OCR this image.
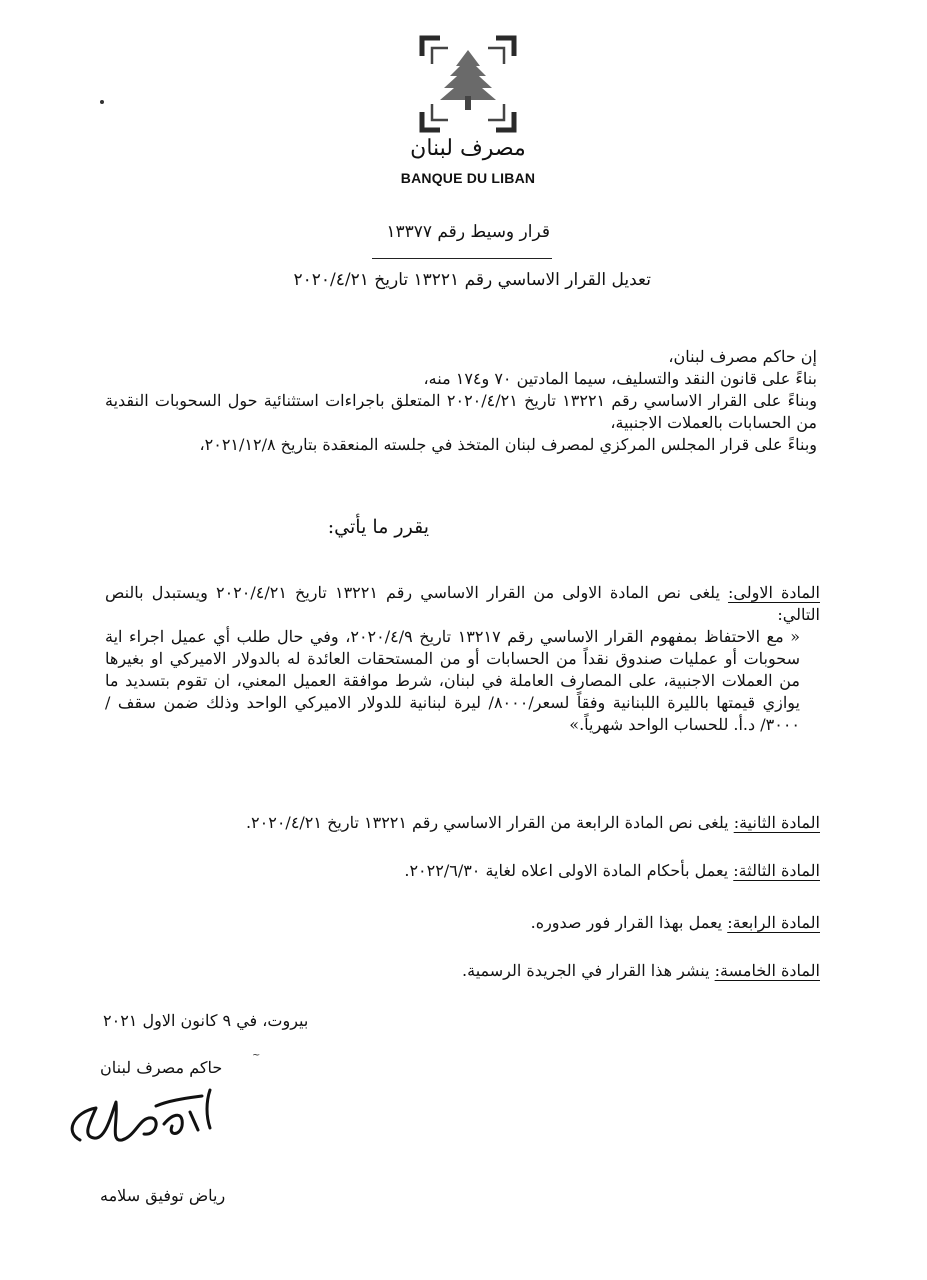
مصرف لبنان
BANQUE DU LIBAN
قرار وسيط رقم ١٣٣٧٧
تعديل القرار الاساسي رقم ١٣٢٢١ تاريخ ٢٠٢٠/٤/٢١

إن حاكم مصرف لبنان،

بناءً على قانون النقد والتسليف، سيما المادتين ٧٠ و١٧٤ منه،

وبناءً على القرار الاساسي رقم ١٣٢٢١ تاريخ ٢٠٢٠/٤/٢١ المتعلق باجراءات استثنائية حول السحوبات النقدية من الحسابات بالعملات الاجنبية،

وبناءً على قرار المجلس المركزي لمصرف لبنان المتخذ في جلسته المنعقدة بتاريخ ٢٠٢١/١٢/٨،

يقرر ما يأتي:

المادة الاولى: يلغى نص المادة الاولى من القرار الاساسي رقم ١٣٢٢١ تاريخ ٢٠٢٠/٤/٢١ ويستبدل بالنص التالي:

« مع الاحتفاظ بمفهوم القرار الاساسي رقم ١٣٢١٧ تاريخ ٢٠٢٠/٤/٩، وفي حال طلب أي عميل اجراء اية سحوبات أو عمليات صندوق نقداً من الحسابات أو من المستحقات العائدة له بالدولار الاميركي او بغيرها من العملات الاجنبية، على المصارف العاملة في لبنان، شرط موافقة العميل المعني، ان تقوم بتسديد ما يوازي قيمتها بالليرة اللبنانية وفقاً لسعر/٨٠٠٠/ ليرة لبنانية للدولار الاميركي الواحد وذلك ضمن سقف /٣٠٠٠/ د.أ. للحساب الواحد شهرياً.»

المادة الثانية: يلغى نص المادة الرابعة من القرار الاساسي رقم ١٣٢٢١ تاريخ ٢٠٢٠/٤/٢١.
المادة الثالثة: يعمل بأحكام المادة الاولى اعلاه لغاية ٢٠٢٢/٦/٣٠.
المادة الرابعة: يعمل بهذا القرار فور صدوره.
المادة الخامسة: ينشر هذا القرار في الجريدة الرسمية.
بيروت، في ٩ كانون الاول ٢٠٢١
~
حاكم مصرف لبنان
رياض توفيق سلامه
